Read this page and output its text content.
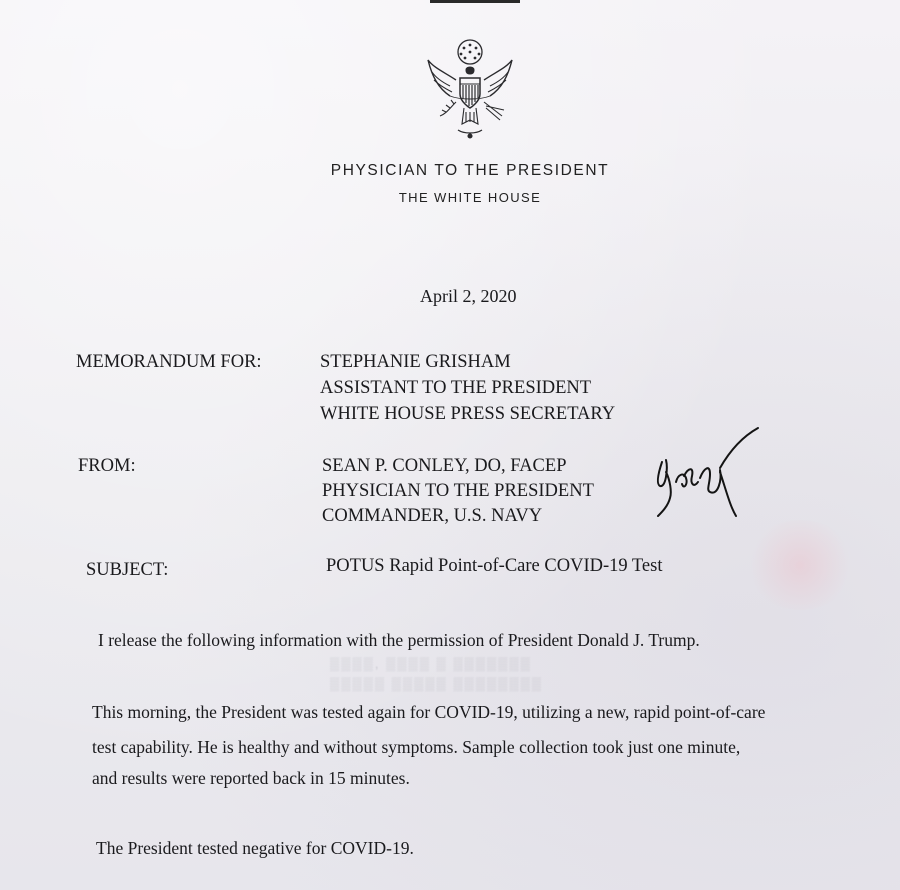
PHYSICIAN TO THE PRESIDENT
THE WHITE HOUSE
April 2, 2020
MEMORANDUM FOR:	STEPHANIE GRISHAM
ASSISTANT TO THE PRESIDENT
WHITE HOUSE PRESS SECRETARY
FROM:	SEAN P. CONLEY, DO, FACEP
PHYSICIAN TO THE PRESIDENT
COMMANDER, U.S. NAVY
SUBJECT:	POTUS Rapid Point-of-Care COVID-19 Test
▒▒▒▒, ▒▒▒▒ ▒ ▒▒▒▒▒▒▒
▒▒▒▒▒ ▒▒▒▒▒ ▒▒▒▒▒▒▒▒
I release the following information with the permission of President Donald J. Trump.
This morning, the President was tested again for COVID-19, utilizing a new, rapid point-of-care
test capability. He is healthy and without symptoms. Sample collection took just one minute,
and results were reported back in 15 minutes.
The President tested negative for COVID-19.
